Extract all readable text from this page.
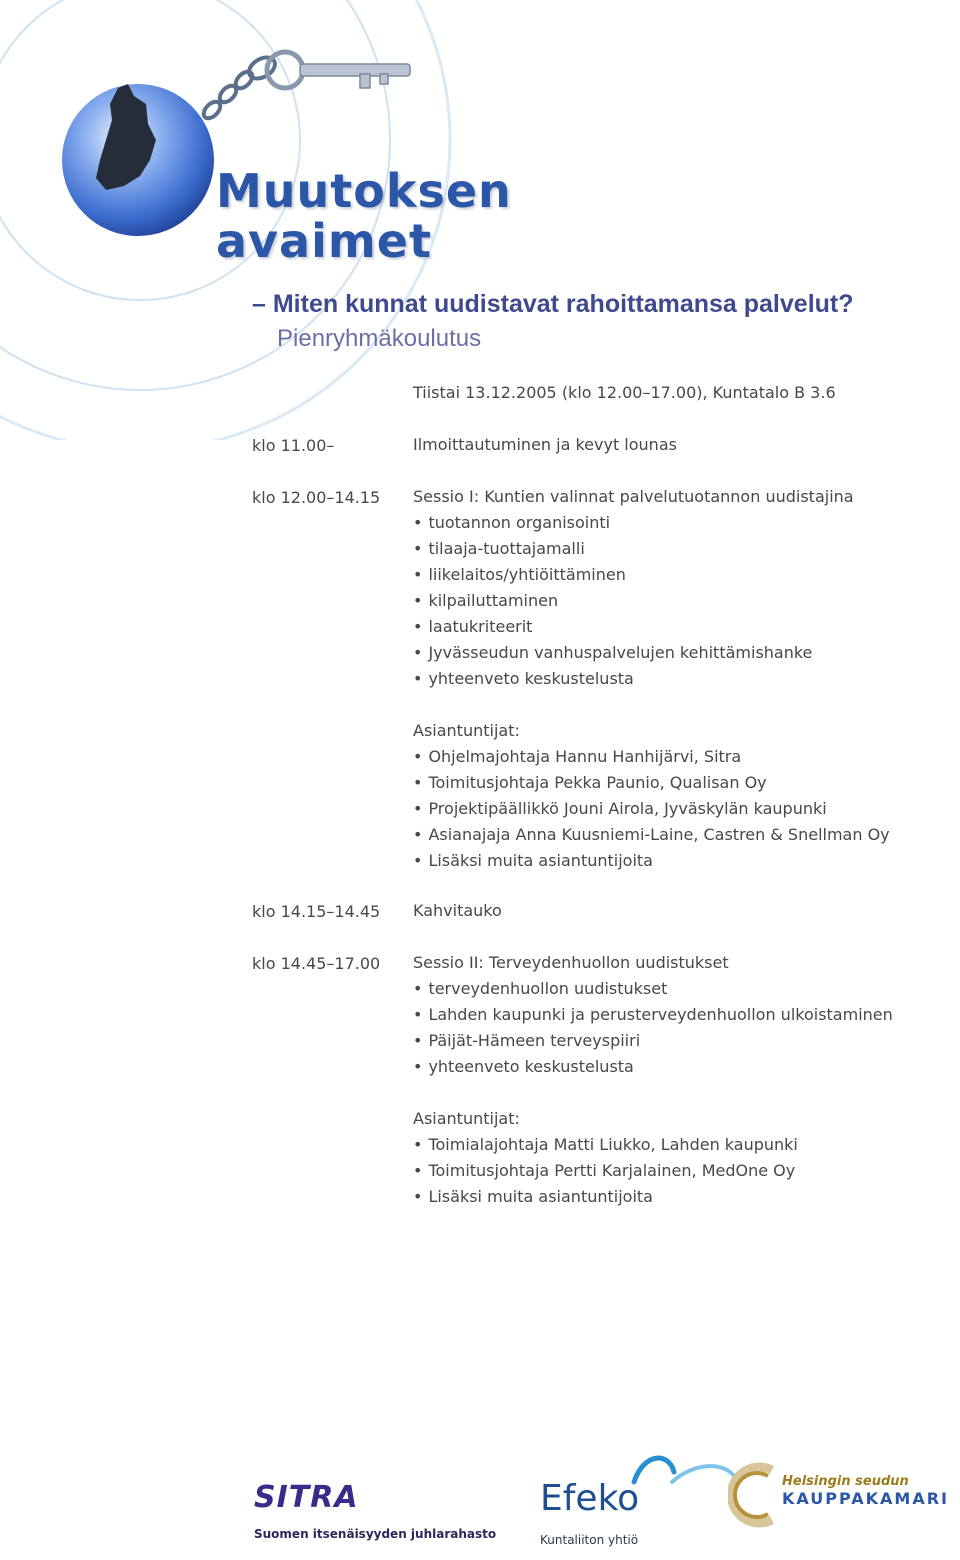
Muutoksen
avaimet
– Miten kunnat uudistavat rahoittamansa palvelut?
Pienryhmäkoulutus
Tiistai 13.12.2005 (klo 12.00–17.00), Kuntatalo B 3.6
klo 11.00–	Ilmoittautuminen ja kevyt lounas
klo 12.00–14.15 Sessio I: Kuntien valinnat palvelutuotannon uudistajina
• tuotannon organisointi
• tilaaja-tuottajamalli
• liikelaitos/yhtiöittäminen
• kilpailuttaminen
• laatukriteerit
• Jyvässeudun vanhuspalvelujen kehittämishanke
• yhteenveto keskustelusta
Asiantuntijat:
• Ohjelmajohtaja Hannu Hanhijärvi, Sitra
• Toimitusjohtaja Pekka Paunio, Qualisan Oy
• Projektipäällikkö Jouni Airola, Jyväskylän kaupunki
• Asianajaja Anna Kuusniemi-Laine, Castren & Snellman Oy
• Lisäksi muita asiantuntijoita
klo 14.15–14.45 Kahvitauko
klo 14.45–17.00 Sessio II: Terveydenhuollon uudistukset
• terveydenhuollon uudistukset
• Lahden kaupunki ja perusterveydenhuollon ulkoistaminen
• Päijät-Hämeen terveyspiiri
• yhteenveto keskustelusta
Asiantuntijat:
• Toimialajohtaja Matti Liukko, Lahden kaupunki
• Toimitusjohtaja Pertti Karjalainen, MedOne Oy
• Lisäksi muita asiantuntijoita
SITRA
Suomen itsenäisyyden juhlarahasto
Efeko
Kuntaliiton yhtiö
Helsingin seudun
KAUPPAKAMARI
